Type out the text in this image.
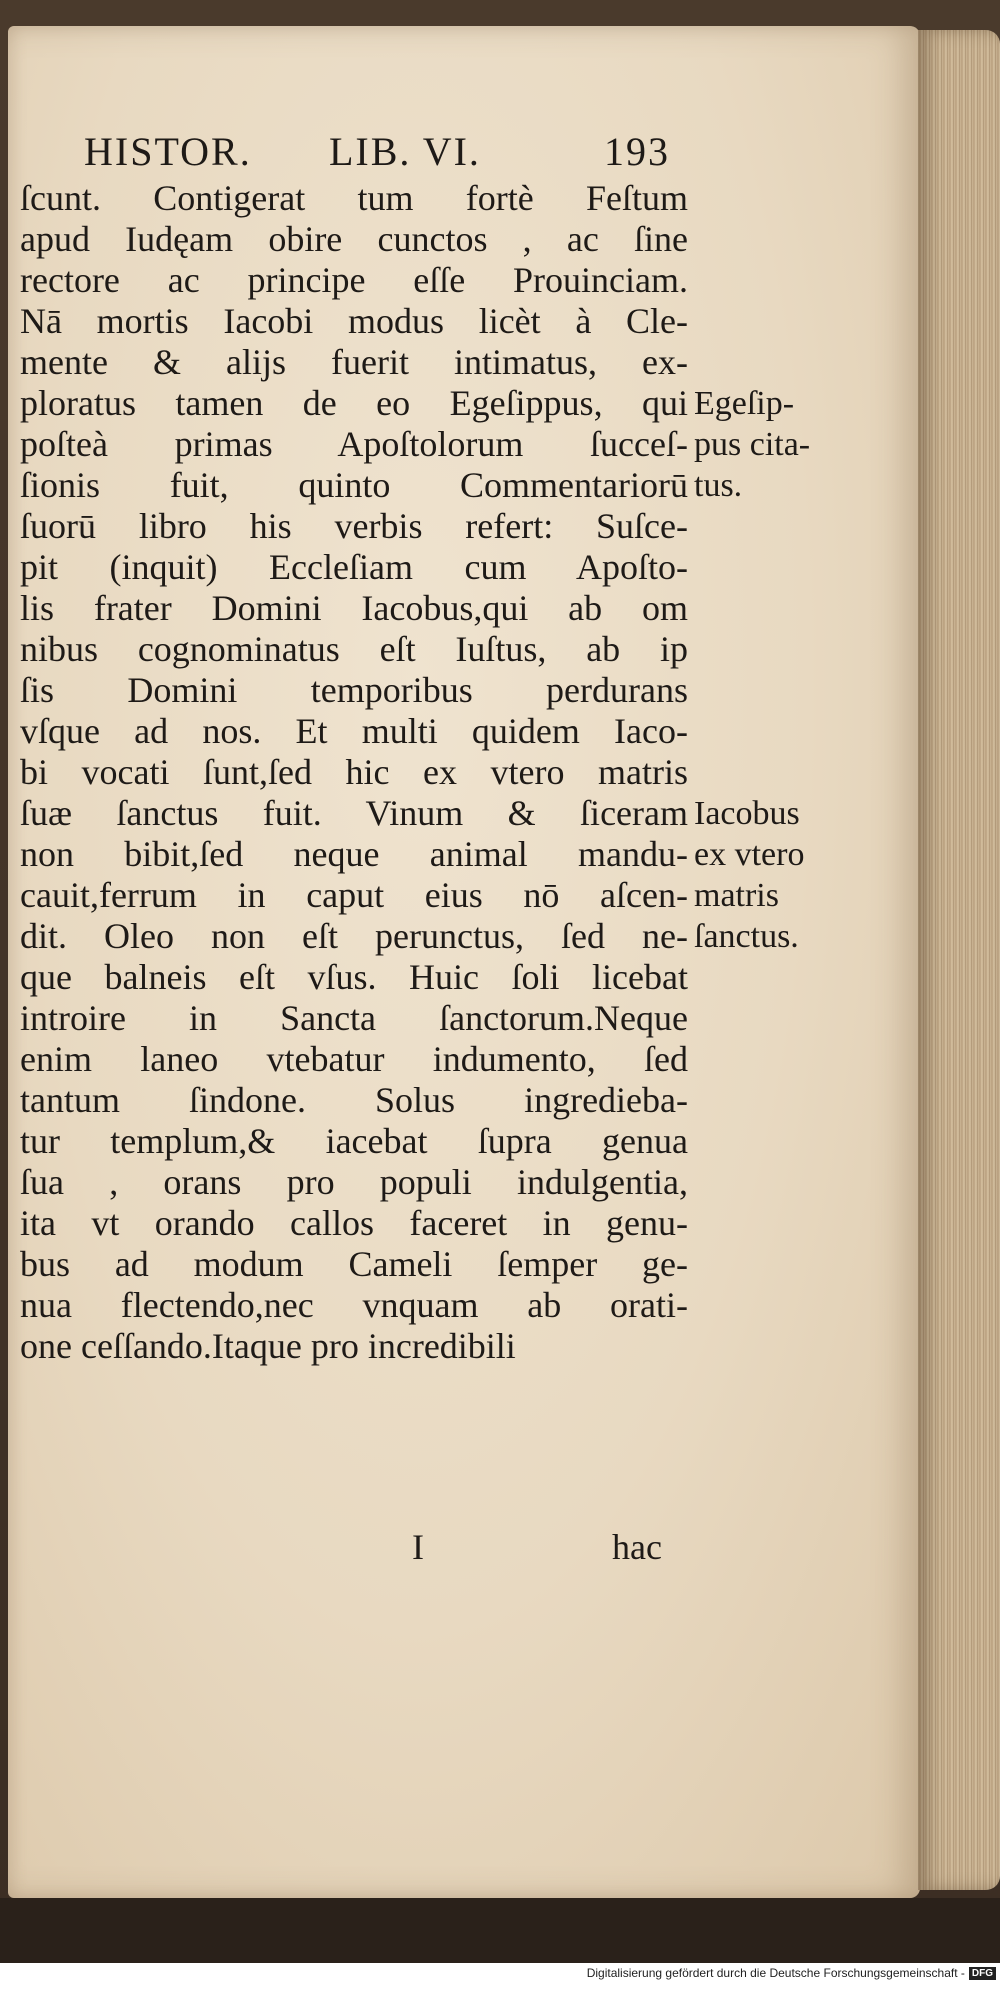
HISTOR. LIB. VI.	193
ſcunt. Contigerat tum fortè Feſtum
apud Iudęam obire cunctos , ac ſine
rectore ac principe eſſe Prouinciam.
Nā mortis Iacobi modus licèt à Cle-
mente & alijs fuerit intimatus, ex-
ploratus tamen de eo Egeſippus, qui
poſteà primas Apoſtolorum ſucceſ-
ſionis fuit, quinto Commentariorū
ſuorū libro his verbis refert: Suſce-
pit (inquit) Eccleſiam cum Apoſto-
lis frater Domini Iacobus,qui ab om
nibus cognominatus eſt Iuſtus, ab ip
ſis Domini temporibus perdurans
vſque ad nos. Et multi quidem Iaco-
bi vocati ſunt,ſed hic ex vtero matris
ſuæ ſanctus fuit. Vinum & ſiceram
non bibit,ſed neque animal mandu-
cauit,ferrum in caput eius nō aſcen-
dit. Oleo non eſt perunctus, ſed ne-
que balneis eſt vſus. Huic ſoli licebat
introire in Sancta ſanctorum.Neque
enim laneo vtebatur indumento, ſed
tantum ſindone. Solus ingredieba-
tur templum,& iacebat ſupra genua
ſua , orans pro populi indulgentia,
ita vt orando callos faceret in genu-
bus ad modum Cameli ſemper ge-
nua flectendo,nec vnquam ab orati-
one ceſſando.Itaque pro incredibili
Egeſip-
pus cita-
tus.
Iacobus
ex vtero
matris
ſanctus.
I	hac
Digitalisierung gefördert durch die Deutsche Forschungsgemeinschaft - DFG
